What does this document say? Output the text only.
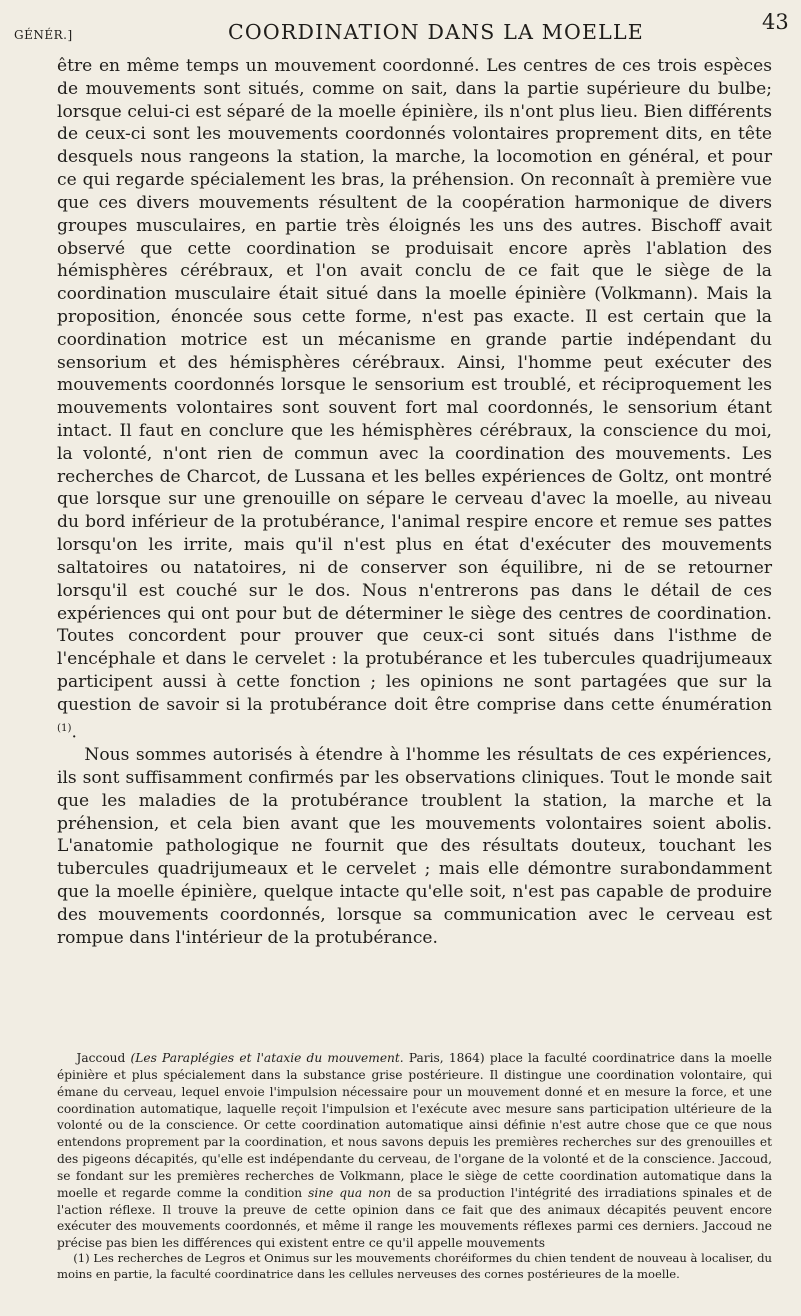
GÉNÉR.]	COORDINATION DANS LA MOELLE	43

être en même temps un mouvement coordonné. Les centres de ces trois espèces de mouvements sont situés, comme on sait, dans la partie supérieure du bulbe; lorsque celui-ci est séparé de la moelle épinière, ils n'ont plus lieu. Bien différents de ceux-ci sont les mouvements coordonnés volontaires proprement dits, en tête desquels nous rangeons la station, la marche, la locomotion en général, et pour ce qui regarde spécialement les bras, la préhension. On reconnaît à première vue que ces divers mouvements résultent de la coopération harmonique de divers groupes musculaires, en partie très éloignés les uns des autres. Bischoff avait observé que cette coordination se produisait encore après l'ablation des hémisphères cérébraux, et l'on avait conclu de ce fait que le siège de la coordination musculaire était situé dans la moelle épinière (Volkmann). Mais la proposition, énoncée sous cette forme, n'est pas exacte. Il est certain que la coordination motrice est un mécanisme en grande partie indépendant du sensorium et des hémisphères cérébraux. Ainsi, l'homme peut exécuter des mouvements coordonnés lorsque le sensorium est troublé, et réciproquement les mouvements volontaires sont souvent fort mal coordonnés, le sensorium étant intact. Il faut en conclure que les hémisphères cérébraux, la conscience du moi, la volonté, n'ont rien de commun avec la coordination des mouvements. Les recherches de Charcot, de Lussana et les belles expériences de Goltz, ont montré que lorsque sur une grenouille on sépare le cerveau d'avec la moelle, au niveau du bord inférieur de la protubérance, l'animal respire encore et remue ses pattes lorsqu'on les irrite, mais qu'il n'est plus en état d'exécuter des mouvements saltatoires ou natatoires, ni de conserver son équilibre, ni de se retourner lorsqu'il est couché sur le dos. Nous n'entrerons pas dans le détail de ces expériences qui ont pour but de déterminer le siège des centres de coordination. Toutes concordent pour prouver que ceux-ci sont situés dans l'isthme de l'encéphale et dans le cervelet : la protubérance et les tubercules quadrijumeaux participent aussi à cette fonction ; les opinions ne sont partagées que sur la question de savoir si la protubérance doit être comprise dans cette énumération $^{(1)}$.

Nous sommes autorisés à étendre à l'homme les résultats de ces expériences, ils sont suffisamment confirmés par les observations cliniques. Tout le monde sait que les maladies de la protubérance troublent la station, la marche et la préhension, et cela bien avant que les mouvements volontaires soient abolis. L'anatomie pathologique ne fournit que des résultats douteux, touchant les tubercules quadrijumeaux et le cervelet ; mais elle démontre surabondamment que la moelle épinière, quelque intacte qu'elle soit, n'est pas capable de produire des mouvements coordonnés, lorsque sa communication avec le cerveau est rompue dans l'intérieur de la protubérance.

Jaccoud (Les Paraplégies et l'ataxie du mouvement. Paris, 1864) place la faculté coordinatrice dans la moelle épinière et plus spécialement dans la substance grise postérieure. Il distingue une coordination volontaire, qui émane du cerveau, lequel envoie l'impulsion nécessaire pour un mouvement donné et en mesure la force, et une coordination automatique, laquelle reçoit l'impulsion et l'exécute avec mesure sans participation ultérieure de la volonté ou de la conscience. Or cette coordination automatique ainsi définie n'est autre chose que ce que nous entendons proprement par la coordination, et nous savons depuis les premières recherches sur des grenouilles et des pigeons décapités, qu'elle est indépendante du cerveau, de l'organe de la volonté et de la conscience. Jaccoud, se fondant sur les premières recherches de Volkmann, place le siège de cette coordination automatique dans la moelle et regarde comme la condition sine qua non de sa production l'intégrité des irradiations spinales et de l'action réflexe. Il trouve la preuve de cette opinion dans ce fait que des animaux décapités peuvent encore exécuter des mouvements coordonnés, et même il range les mouvements réflexes parmi ces derniers. Jaccoud ne précise pas bien les différences qui existent entre ce qu'il appelle mouvements

(1) Les recherches de Legros et Onimus sur les mouvements choréiformes du chien tendent de nouveau à localiser, du moins en partie, la faculté coordinatrice dans les cellules nerveuses des cornes postérieures de la moelle.
